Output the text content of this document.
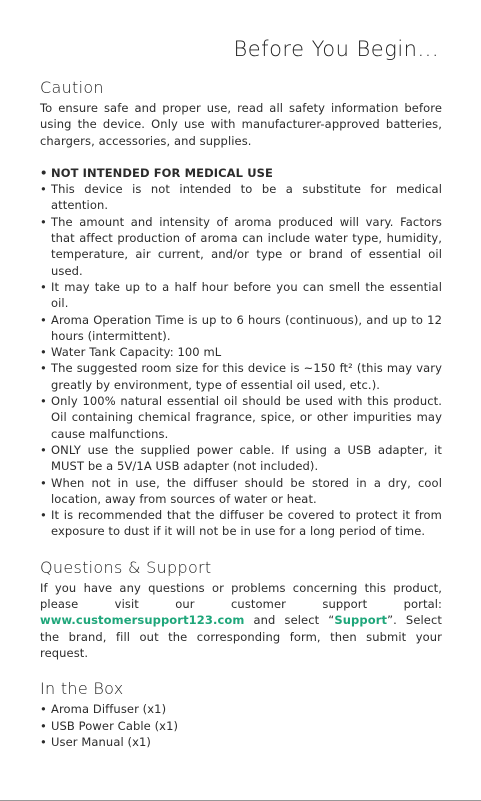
Before You Begin...
Caution

To ensure safe and proper use, read all safety information before using the device. Only use with manufacturer-approved batteries, chargers, accessories, and supplies.

• NOT INTENDED FOR MEDICAL USE
• This device is not intended to be a substitute for medical attention.
• The amount and intensity of aroma produced will vary. Factors that affect production of aroma can include water type, humidity, temperature, air current, and/or type or brand of essential oil used.
• It may take up to a half hour before you can smell the essential oil.
• Aroma Operation Time is up to 6 hours (continuous), and up to 12 hours (intermittent).
• Water Tank Capacity: 100 mL
• The suggested room size for this device is ~150 ft² (this may vary greatly by environment, type of essential oil used, etc.).
• Only 100% natural essential oil should be used with this product. Oil containing chemical fragrance, spice, or other impurities may cause malfunctions.
• ONLY use the supplied power cable. If using a USB adapter, it MUST be a 5V/1A USB adapter (not included).
• When not in use, the diffuser should be stored in a dry, cool location, away from sources of water or heat.
• It is recommended that the diffuser be covered to protect it from exposure to dust if it will not be in use for a long period of time.
Questions & Support

If you have any questions or problems concerning this product, please visit our customer support portal: www.customersupport123.com and select “Support”. Select the brand, fill out the corresponding form, then submit your request.

In the Box
• Aroma Diffuser (x1)
• USB Power Cable (x1)
• User Manual (x1)
